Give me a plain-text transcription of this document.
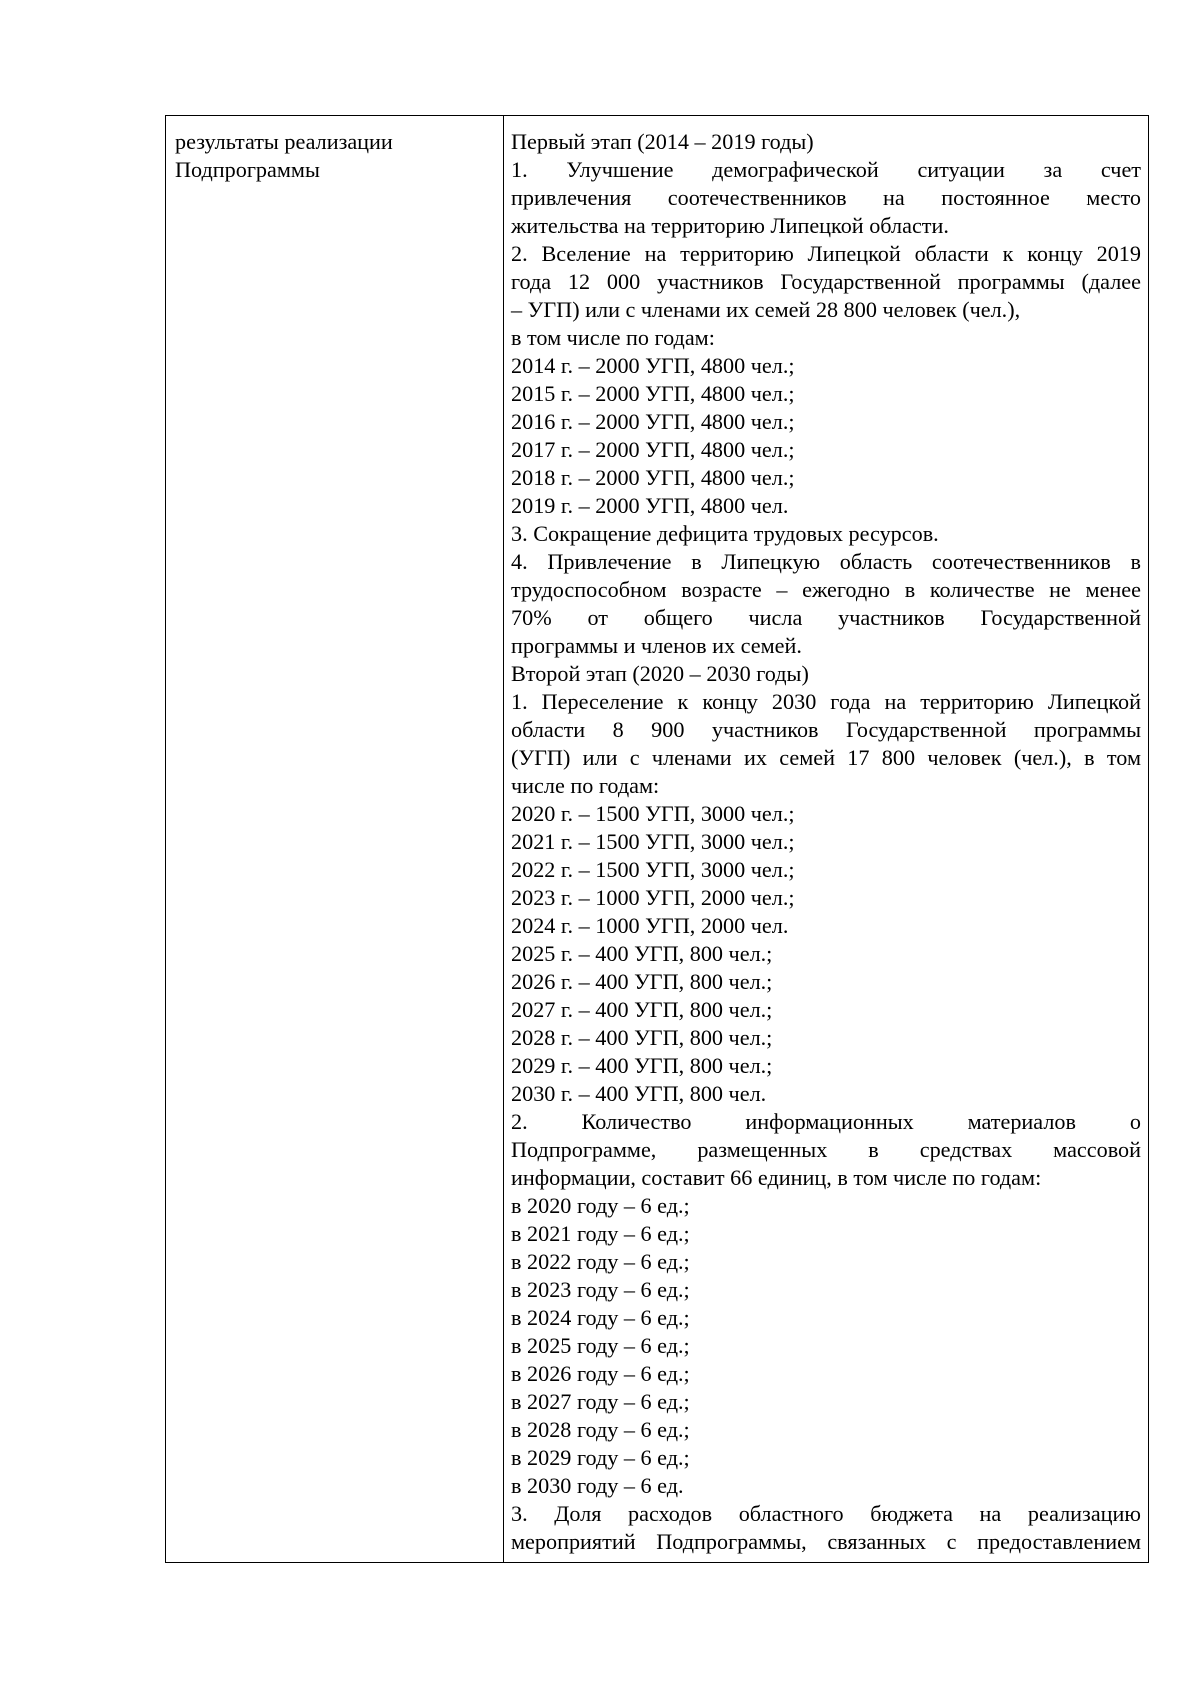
результаты реализации
Подпрограммы
Первый этап (2014 – 2019 годы)
1. Улучшение демографической ситуации за счет
привлечения соотечественников на постоянное место
жительства на территорию Липецкой области.
2. Вселение на территорию Липецкой области к концу 2019
года 12 000 участников Государственной программы (далее
– УГП) или с членами их семей 28 800 человек (чел.),
в том числе по годам:
2014 г. – 2000 УГП, 4800 чел.;
2015 г. – 2000 УГП, 4800 чел.;
2016 г. – 2000 УГП, 4800 чел.;
2017 г. – 2000 УГП, 4800 чел.;
2018 г. – 2000 УГП, 4800 чел.;
2019 г. – 2000 УГП, 4800 чел.
3. Сокращение дефицита трудовых ресурсов.
4. Привлечение в Липецкую область соотечественников в
трудоспособном возрасте – ежегодно в количестве не менее
70% от общего числа участников Государственной
программы и членов их семей.
Второй этап (2020 – 2030 годы)
1. Переселение к концу 2030 года на территорию Липецкой
области 8 900 участников Государственной программы
(УГП) или с членами их семей 17 800 человек (чел.), в том
числе по годам:
2020 г. – 1500 УГП, 3000 чел.;
2021 г. – 1500 УГП, 3000 чел.;
2022 г. – 1500 УГП, 3000 чел.;
2023 г. – 1000 УГП, 2000 чел.;
2024 г. – 1000 УГП, 2000 чел.
2025 г. – 400 УГП, 800 чел.;
2026 г. – 400 УГП, 800 чел.;
2027 г. – 400 УГП, 800 чел.;
2028 г. – 400 УГП, 800 чел.;
2029 г. – 400 УГП, 800 чел.;
2030 г. – 400 УГП, 800 чел.
2. Количество информационных материалов о
Подпрограмме, размещенных в средствах массовой
информации, составит 66 единиц, в том числе по годам:
в 2020 году – 6 ед.;
в 2021 году – 6 ед.;
в 2022 году – 6 ед.;
в 2023 году – 6 ед.;
в 2024 году – 6 ед.;
в 2025 году – 6 ед.;
в 2026 году – 6 ед.;
в 2027 году – 6 ед.;
в 2028 году – 6 ед.;
в 2029 году – 6 ед.;
в 2030 году – 6 ед.
3. Доля расходов областного бюджета на реализацию
мероприятий Подпрограммы, связанных с предоставлением
